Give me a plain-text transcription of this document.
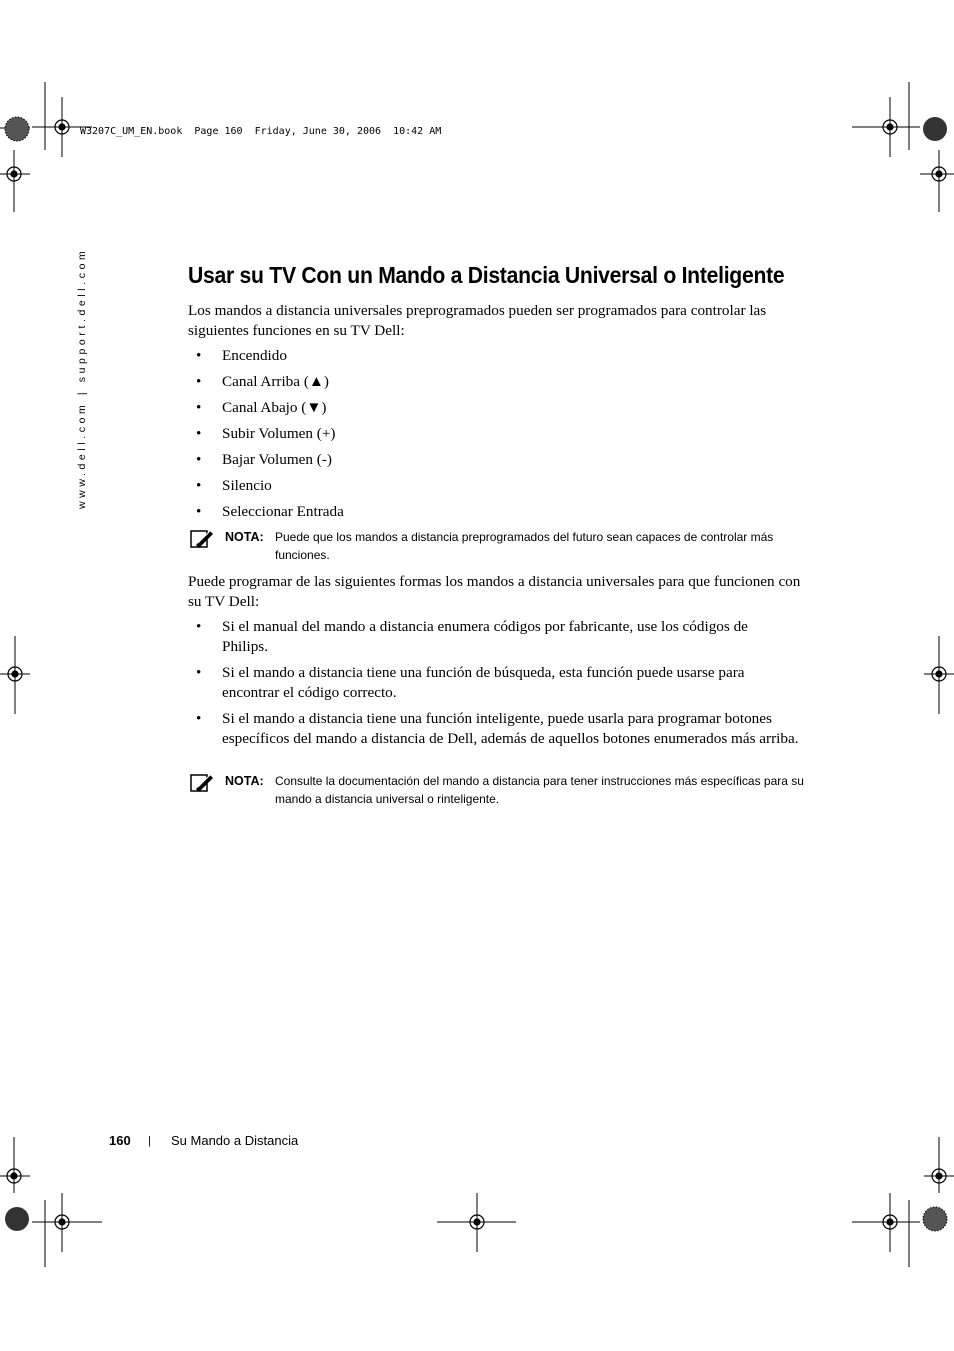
W3207C_UM_EN.book  Page 160  Friday, June 30, 2006  10:42 AM
www.dell.com | support.dell.com	Usar su TV Con un Mando a Distancia Universal o Inteligente

Los mandos a distancia universales preprogramados pueden ser programados para controlar las siguientes funciones en su TV Dell:

• Encendido
• Canal Arriba (▲)
• Canal Abajo (▼)
• Subir Volumen (+)
• Bajar Volumen (-)
• Silencio
• Seleccionar Entrada
NOTA: Puede que los mandos a distancia preprogramados del futuro sean capaces de controlar más funciones.

Puede programar de las siguientes formas los mandos a distancia universales para que funcionen con su TV Dell:

• Si el manual del mando a distancia enumera códigos por fabricante, use los códigos de Philips.
• Si el mando a distancia tiene una función de búsqueda, esta función puede usarse para encontrar el código correcto.
• Si el mando a distancia tiene una función inteligente, puede usarla para programar botones específicos del mando a distancia de Dell, además de aquellos botones enumerados más arriba.
NOTA: Consulte la documentación del mando a distancia para tener instrucciones más específicas para su mando a distancia universal o rinteligente.
160 | Su Mando a Distancia
